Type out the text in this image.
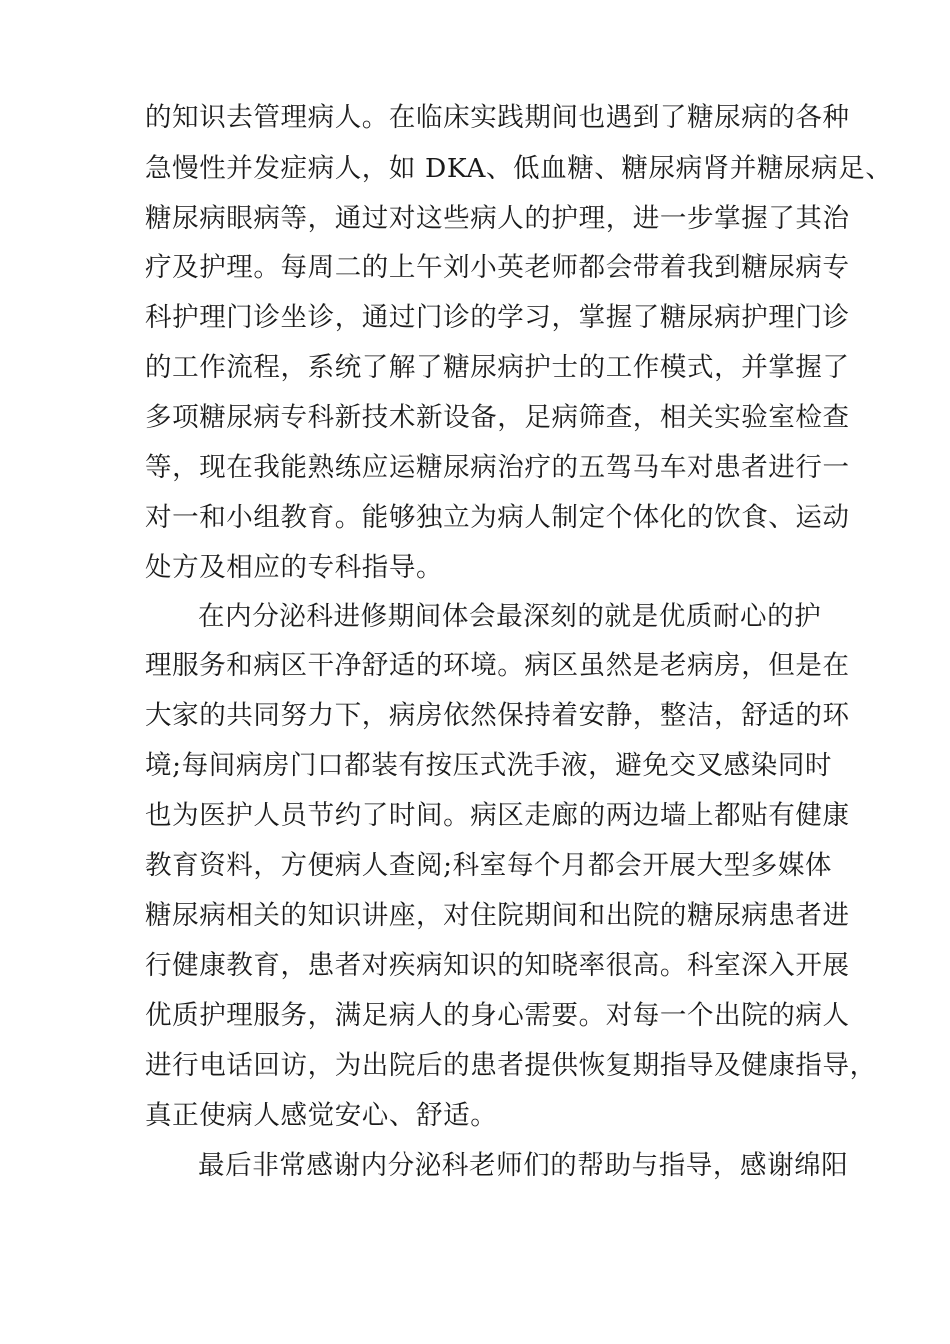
的知识去管理病人。在临床实践期间也遇到了糖尿病的各种
急慢性并发症病人，如 DKA、低血糖、糖尿病肾并糖尿病足、
糖尿病眼病等，通过对这些病人的护理，进一步掌握了其治
疗及护理。每周二的上午刘小英老师都会带着我到糖尿病专
科护理门诊坐诊，通过门诊的学习，掌握了糖尿病护理门诊
的工作流程，系统了解了糖尿病护士的工作模式，并掌握了
多项糖尿病专科新技术新设备，足病筛查，相关实验室检查
等，现在我能熟练应运糖尿病治疗的五驾马车对患者进行一
对一和小组教育。能够独立为病人制定个体化的饮食、运动
处方及相应的专科指导。
在内分泌科进修期间体会最深刻的就是优质耐心的护
理服务和病区干净舒适的环境。病区虽然是老病房，但是在
大家的共同努力下，病房依然保持着安静，整洁，舒适的环
境;每间病房门口都装有按压式洗手液，避免交叉感染同时
也为医护人员节约了时间。病区走廊的两边墙上都贴有健康
教育资料，方便病人查阅;科室每个月都会开展大型多媒体
糖尿病相关的知识讲座，对住院期间和出院的糖尿病患者进
行健康教育，患者对疾病知识的知晓率很高。科室深入开展
优质护理服务，满足病人的身心需要。对每一个出院的病人
进行电话回访，为出院后的患者提供恢复期指导及健康指导，
真正使病人感觉安心、舒适。
最后非常感谢内分泌科老师们的帮助与指导，感谢绵阳
